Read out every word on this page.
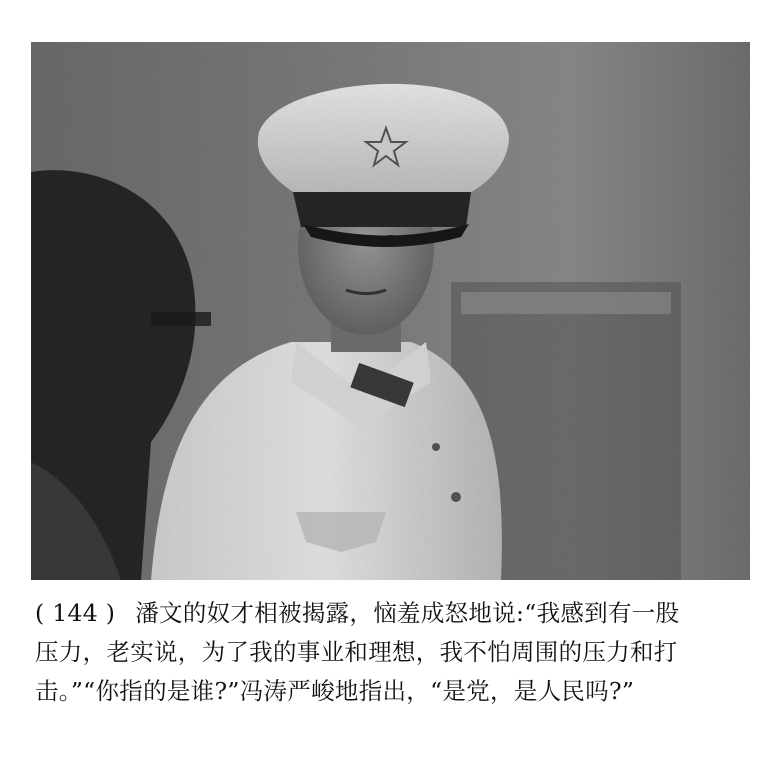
( 144 ) 潘文的奴才相被揭露，恼羞成怒地说:“我感到有一股
压力，老实说，为了我的事业和理想，我不怕周围的压力和打
击。”“你指的是谁?”冯涛严峻地指出，“是党，是人民吗?”
